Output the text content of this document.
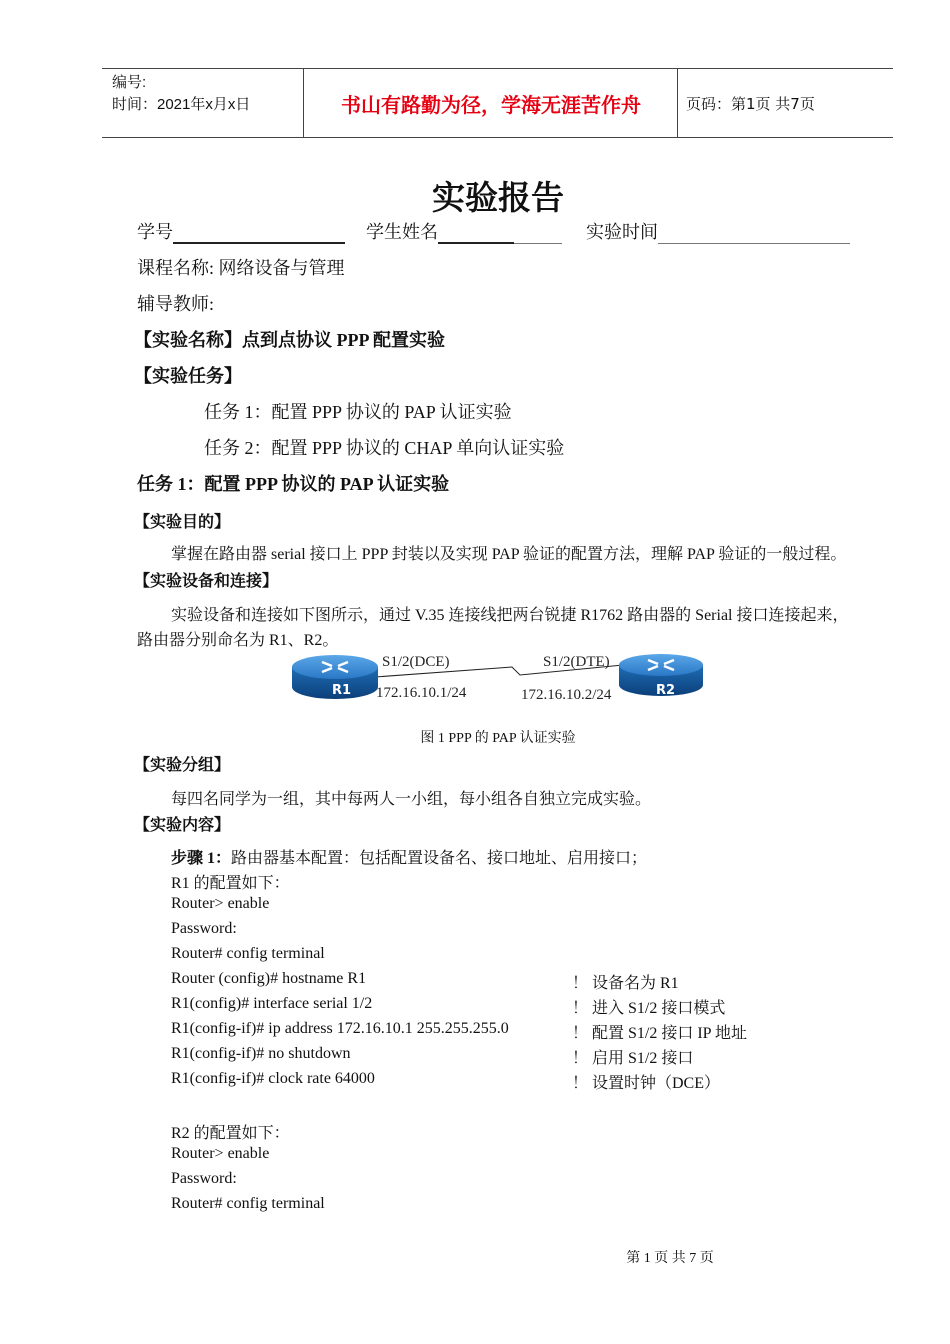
编号:
时间：2021年x月x日	书山有路勤为径，学海无涯苦作舟	页码：第1页 共7页
实验报告
学号	学生姓名	实验时间
课程名称: 网络设备与管理
辅导教师:
【实验名称】点到点协议 PPP 配置实验
【实验任务】
任务 1：配置 PPP 协议的 PAP 认证实验
任务 2：配置 PPP 协议的 CHAP 单向认证实验
任务 1：配置 PPP 协议的 PAP 认证实验
【实验目的】
掌握在路由器 serial 接口上 PPP 封装以及实现 PAP 验证的配置方法，理解 PAP 验证的一般过程。
【实验设备和连接】
实验设备和连接如下图所示，通过 V.35 连接线把两台锐捷 R1762 路由器的 Serial 接口连接起来，
路由器分别命名为 R1、R2。
R1	R2
S1/2(DCE)	S1/2(DTE)
172.16.10.1/24	172.16.10.2/24
图 1 PPP 的 PAP 认证实验
【实验分组】
每四名同学为一组，其中每两人一小组，每小组各自独立完成实验。
【实验内容】
步骤 1：路由器基本配置：包括配置设备名、接口地址、启用接口；
R1 的配置如下：
Router> enable
Password:
Router# config terminal
Router (config)# hostname R1	！ 设备名为 R1
R1(config)# interface serial 1/2	！ 进入 S1/2 接口模式
R1(config-if)# ip address 172.16.10.1 255.255.255.0	！ 配置 S1/2 接口 IP 地址
R1(config-if)# no shutdown	！ 启用 S1/2 接口
R1(config-if)# clock rate 64000	！ 设置时钟（DCE）
R2 的配置如下：
Router> enable
Password:
Router# config terminal
第 1 页 共 7 页
